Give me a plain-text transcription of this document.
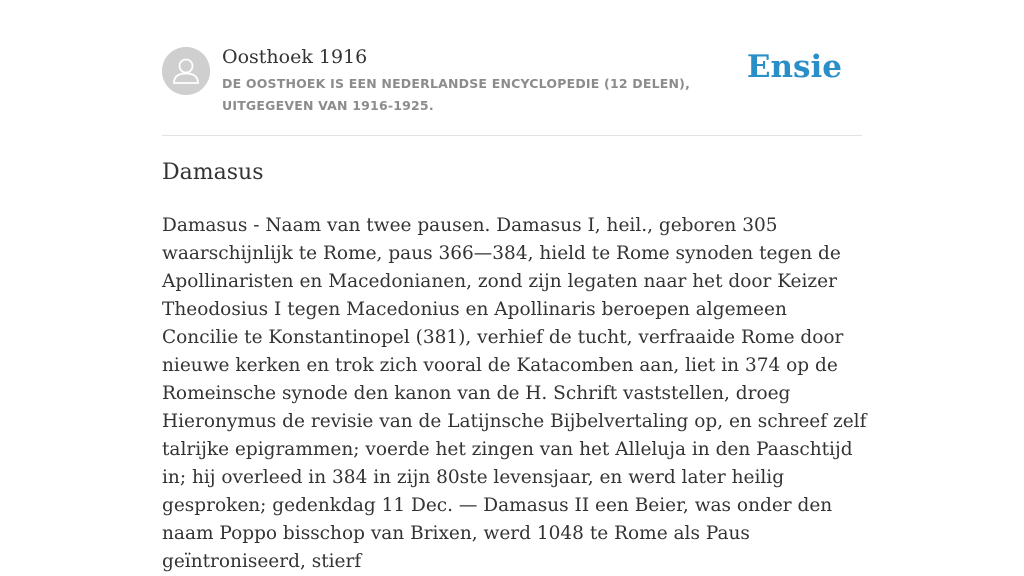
Oosthoek 1916
DE OOSTHOEK IS EEN NEDERLANDSE ENCYCLOPEDIE (12 DELEN), UITGEGEVEN VAN 1916-1925.
Ensie
Damasus

Damasus - Naam van twee pausen. Damasus I, heil., geboren 305 waarschijnlijk te Rome, paus 366—384, hield te Rome synoden tegen de Apollinaristen en Macedonianen, zond zijn legaten naar het door Keizer Theodosius I tegen Macedonius en Apollinaris beroepen algemeen Concilie te Konstantinopel (381), verhief de tucht, verfraaide Rome door nieuwe kerken en trok zich vooral de Katacomben aan, liet in 374 op de Romeinsche synode den kanon van de H. Schrift vaststellen, droeg Hieronymus de revisie van de Latijnsche Bijbelvertaling op, en schreef zelf talrijke epigrammen; voerde het zingen van het Alleluja in den Paaschtijd in; hij overleed in 384 in zijn 80ste levensjaar, en werd later heilig gesproken; gedenkdag 11 Dec. — Damasus II een Beier, was onder den naam Poppo bisschop van Brixen, werd 1048 te Rome als Paus geïntroniseerd, stierf
